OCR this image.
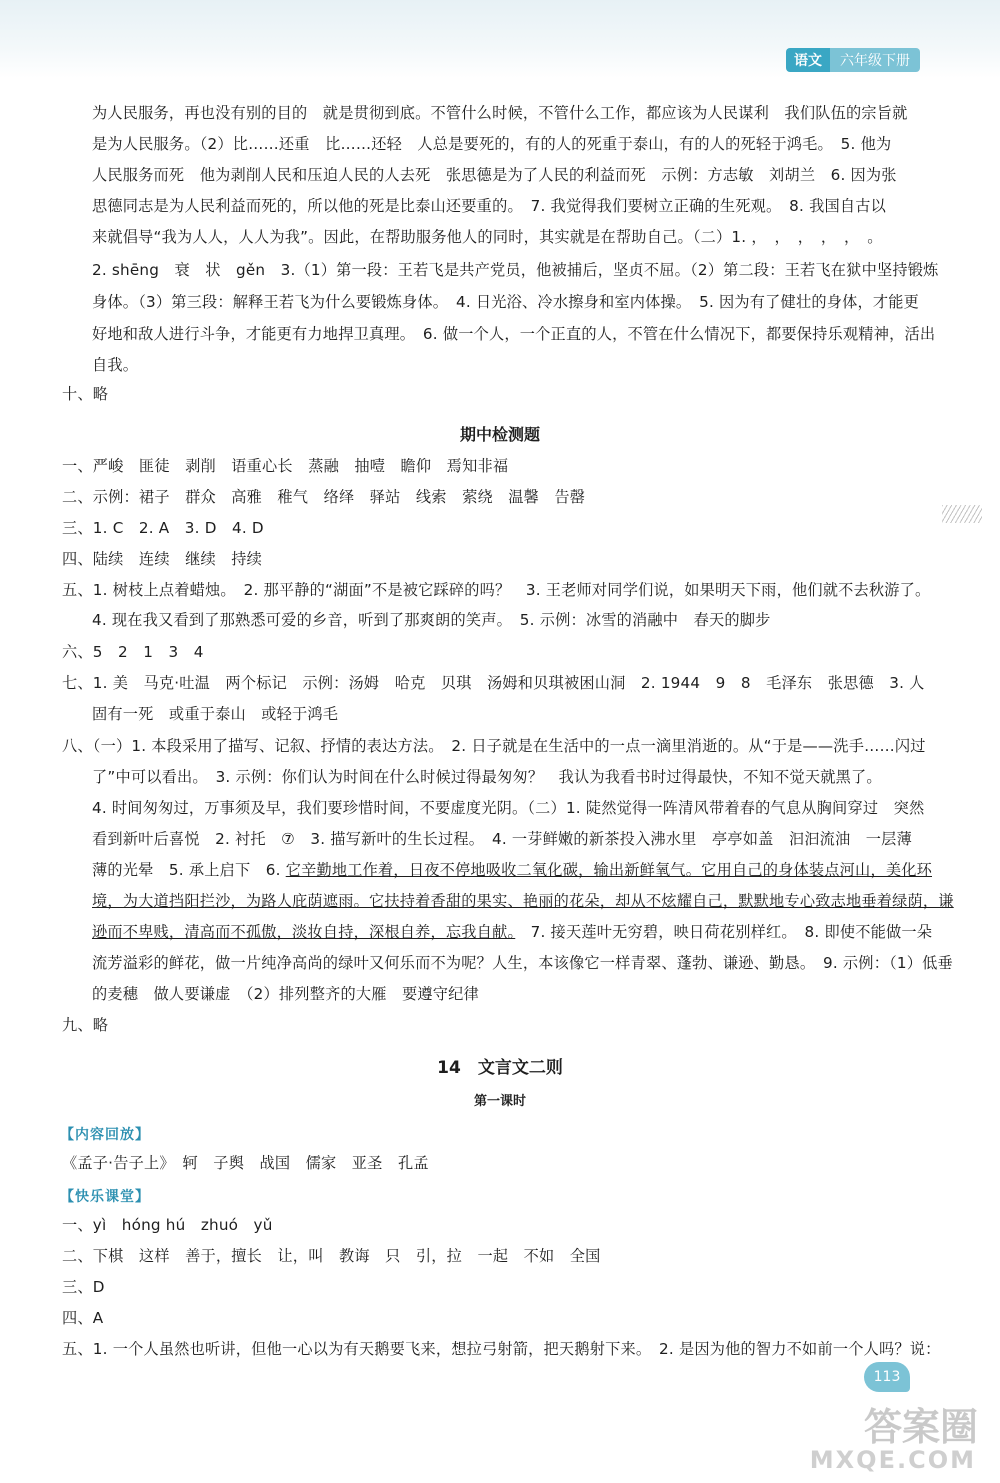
语文	六年级下册
为人民服务，再也没有别的目的　就是贯彻到底。不管什么时候，不管什么工作，都应该为人民谋利　我们队伍的宗旨就
是为人民服务。（2）比……还重　比……还轻　人总是要死的，有的人的死重于泰山，有的人的死轻于鸿毛。　5. 他为
人民服务而死　他为剥削人民和压迫人民的人去死　张思德是为了人民的利益而死　示例：方志敏　刘胡兰　6. 因为张
思德同志是为人民利益而死的，所以他的死是比泰山还要重的。　7. 我觉得我们要树立正确的生死观。　8. 我国自古以
来就倡导“我为人人，人人为我”。因此，在帮助服务他人的同时，其实就是在帮助自己。（二）1. ，　，　，　，　，　。
2. shēng　衰　状　gěn　3.（1）第一段：王若飞是共产党员，他被捕后，坚贞不屈。（2）第二段：王若飞在狱中坚持锻炼
身体。（3）第三段：解释王若飞为什么要锻炼身体。　4. 日光浴、冷水擦身和室内体操。　5. 因为有了健壮的身体，才能更
好地和敌人进行斗争，才能更有力地捍卫真理。　6. 做一个人，一个正直的人，不管在什么情况下，都要保持乐观精神，活出
自我。
十、略
期中检测题
一、严峻　匪徒　剥削　语重心长　蒸融　抽噎　瞻仰　焉知非福
二、示例：裙子　群众　高雅　稚气　络绎　驿站　线索　萦绕　温馨　告罄
三、1. C　2. A　3. D　4. D
四、陆续　连续　继续　持续
五、1. 树枝上点着蜡烛。　2. 那平静的“湖面”不是被它踩碎的吗？　3. 王老师对同学们说，如果明天下雨，他们就不去秋游了。
4. 现在我又看到了那熟悉可爱的乡音，听到了那爽朗的笑声。　5. 示例：冰雪的消融中　春天的脚步
六、5　2　1　3　4
七、1. 美　马克·吐温　两个标记　示例：汤姆　哈克　贝琪　汤姆和贝琪被困山洞　2. 1944　9　8　毛泽东　张思德　3. 人
固有一死　或重于泰山　或轻于鸿毛
八、（一）1. 本段采用了描写、记叙、抒情的表达方法。　2. 日子就是在生活中的一点一滴里消逝的。从“于是——洗手……闪过
了”中可以看出。　3. 示例：你们认为时间在什么时候过得最匆匆？　我认为我看书时过得最快，不知不觉天就黑了。
4. 时间匆匆过，万事须及早，我们要珍惜时间，不要虚度光阴。（二）1. 陡然觉得一阵清风带着春的气息从胸间穿过　突然
看到新叶后喜悦　2. 衬托　⑦　3. 描写新叶的生长过程。　4. 一芽鲜嫩的新茶投入沸水里　亭亭如盖　汩汩流油　一层薄
薄的光晕　5. 承上启下　6. 它辛勤地工作着，日夜不停地吸收二氧化碳，输出新鲜氧气。它用自己的身体装点河山，美化环
境，为大道挡阳拦沙，为路人庇荫遮雨。它扶持着香甜的果实、艳丽的花朵，却从不炫耀自己，默默地专心致志地垂着绿荫，谦
逊而不卑贱，清高而不孤傲，淡妆自持，深根自养，忘我自献。　7. 接天莲叶无穷碧，映日荷花别样红。　8. 即使不能做一朵
流芳溢彩的鲜花，做一片纯净高尚的绿叶又何乐而不为呢？人生，本该像它一样青翠、蓬勃、谦逊、勤恳。　9. 示例：（1）低垂
的麦穗　做人要谦虚　（2）排列整齐的大雁　要遵守纪律
九、略
14　文言文二则
第一课时
【内容回放】
《孟子·告子上》　轲　子舆　战国　儒家　亚圣　孔孟
【快乐课堂】
一、yì　hóng hú　zhuó　yǔ
二、下棋　这样　善于，擅长　让，叫　教诲　只　引，拉　一起　不如　全国
三、D
四、A
五、1. 一个人虽然也听讲，但他一心以为有天鹅要飞来，想拉弓射箭，把天鹅射下来。　2. 是因为他的智力不如前一个人吗？说：
113
答案圈
MXQE.COM
